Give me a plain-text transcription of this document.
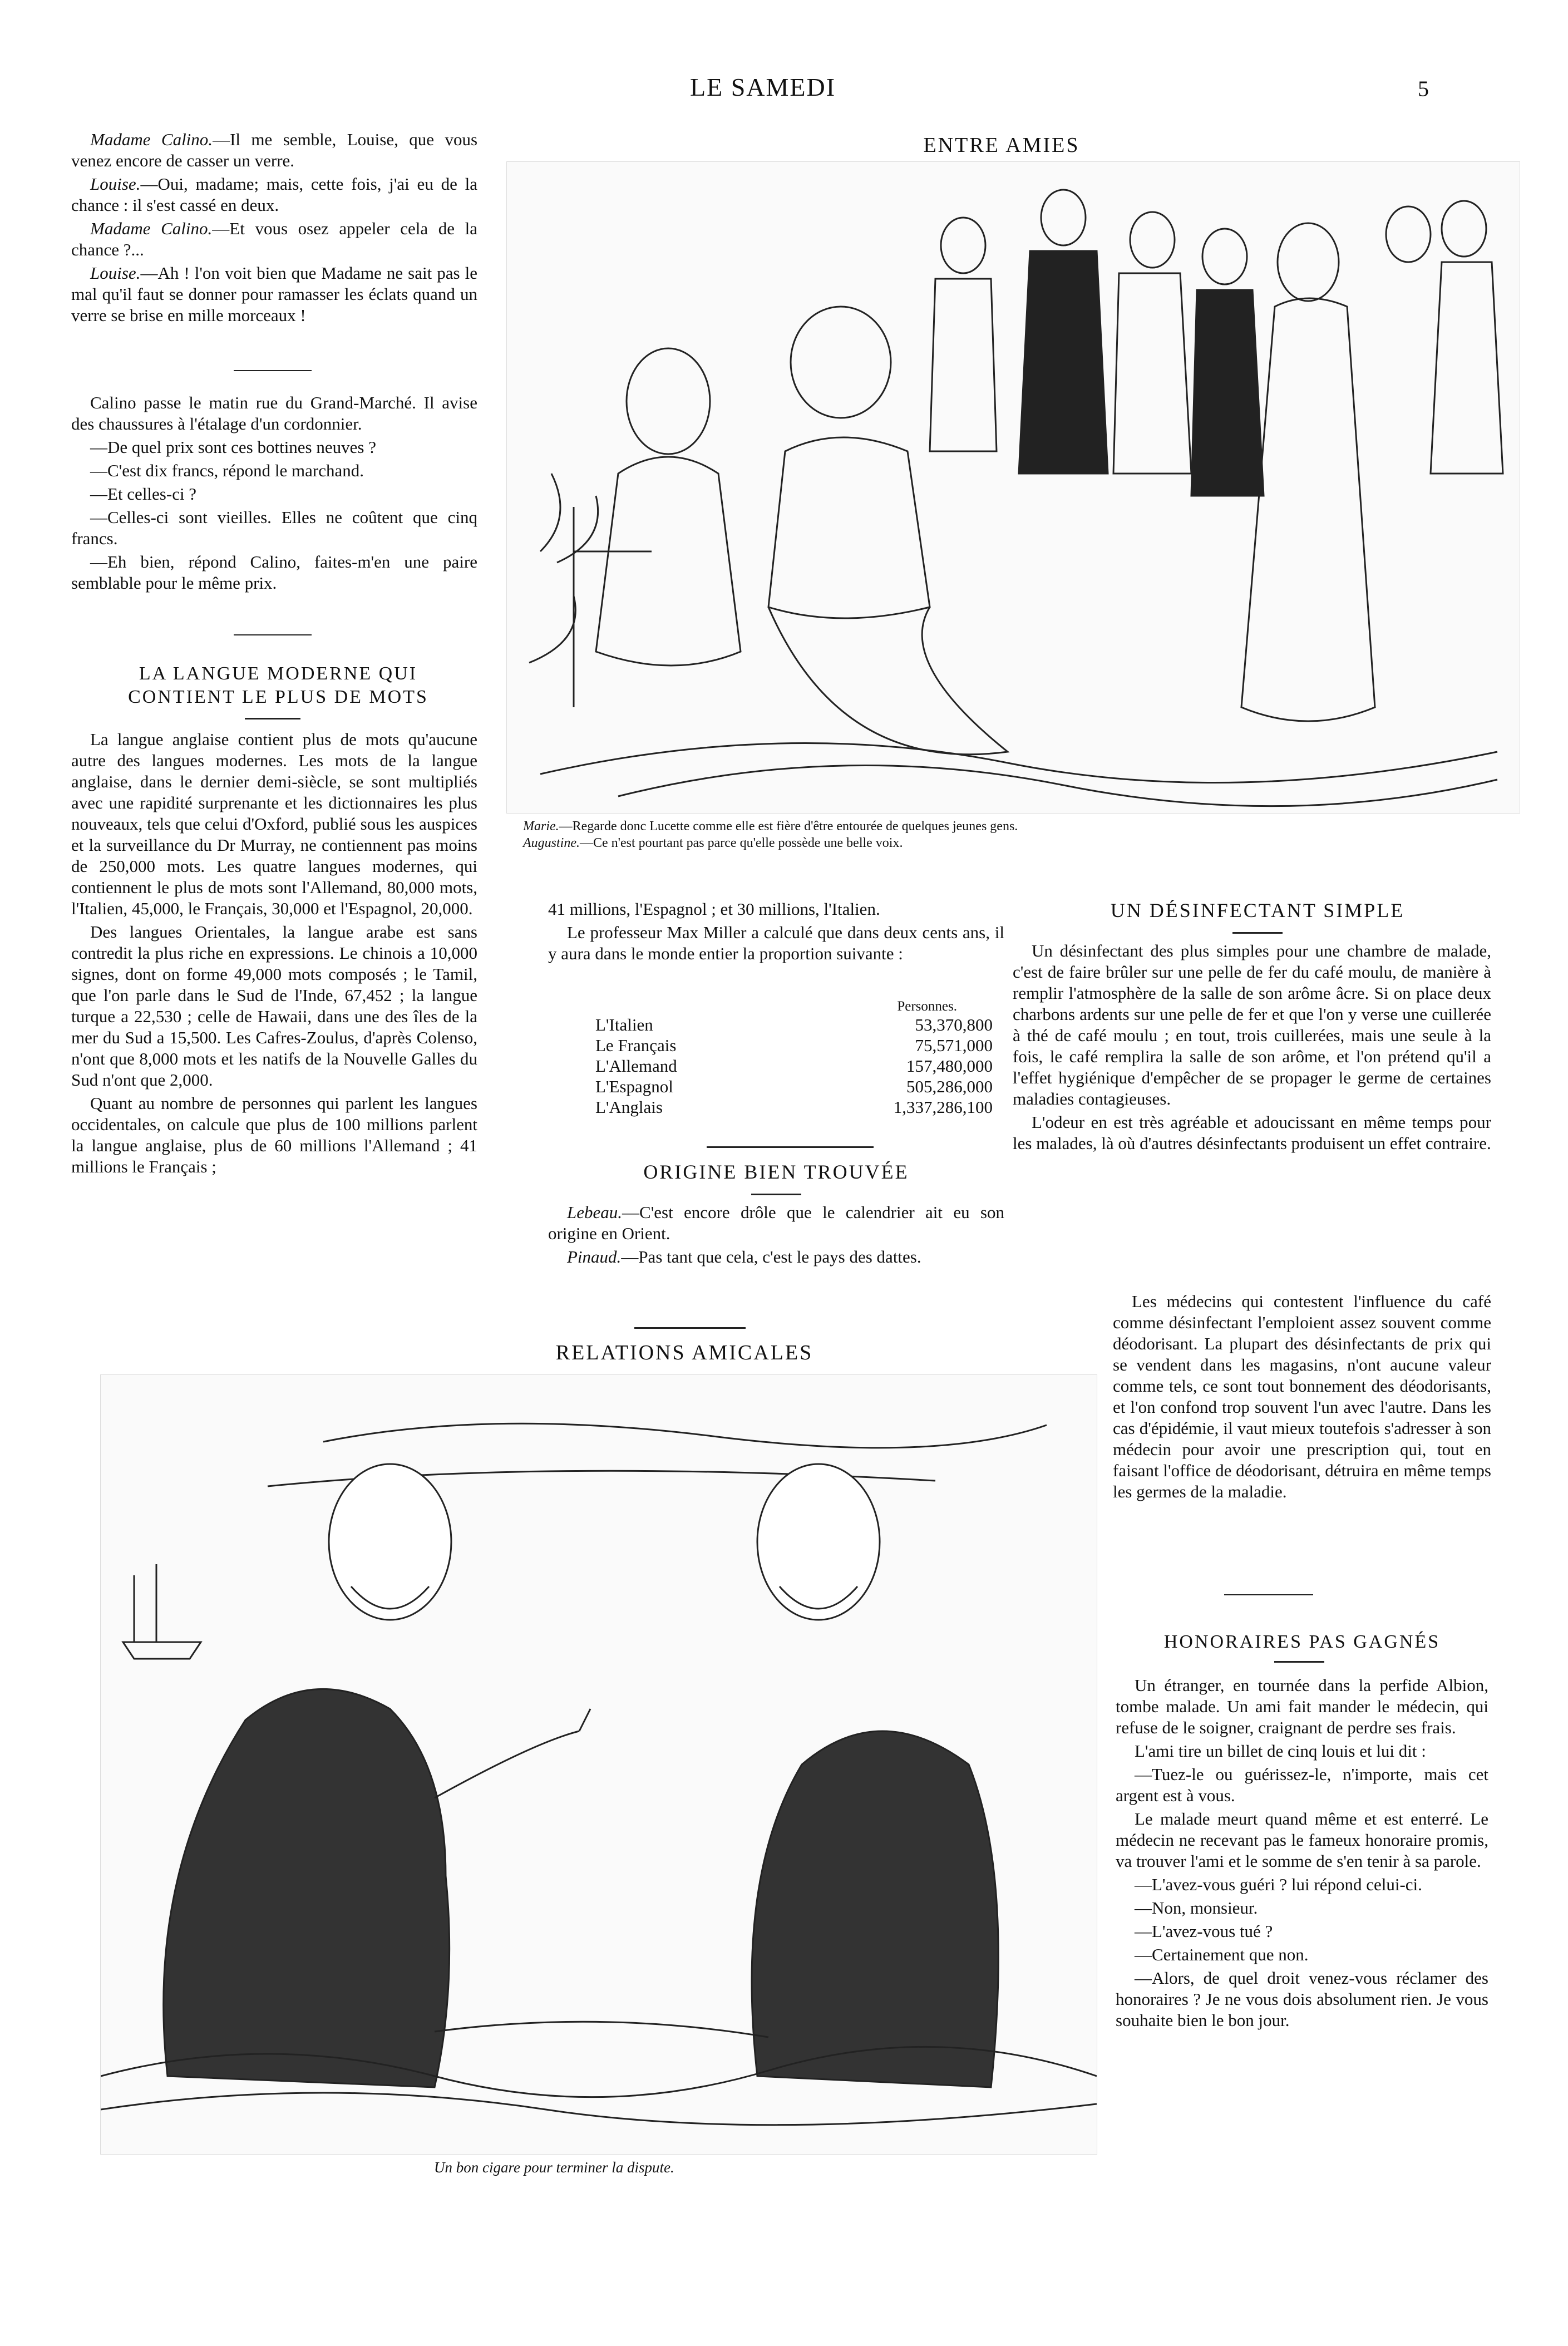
LE SAMEDI	5

Madame Calino.—Il me semble, Louise, que vous venez encore de casser un verre.

Louise.—Oui, madame; mais, cette fois, j'ai eu de la chance : il s'est cassé en deux.

Madame Calino.—Et vous osez appeler cela de la chance ?...

Louise.—Ah ! l'on voit bien que Madame ne sait pas le mal qu'il faut se donner pour ramasser les éclats quand un verre se brise en mille morceaux !

Calino passe le matin rue du Grand-Marché. Il avise des chaussures à l'étalage d'un cordonnier.

—De quel prix sont ces bottines neuves ?

—C'est dix francs, répond le marchand.

—Et celles-ci ?

—Celles-ci sont vieilles. Elles ne coûtent que cinq francs.

—Eh bien, répond Calino, faites-m'en une paire semblable pour le même prix.

LA LANGUE MODERNE QUI CONTIENT LE PLUS DE MOTS

La langue anglaise contient plus de mots qu'aucune autre des langues modernes. Les mots de la langue anglaise, dans le dernier demi-siècle, se sont multipliés avec une rapidité surprenante et les dictionnaires les plus nouveaux, tels que celui d'Oxford, publié sous les auspices et la surveillance du Dr Murray, ne contiennent pas moins de 250,000 mots. Les quatre langues modernes, qui contiennent le plus de mots sont l'Allemand, 80,000 mots, l'Italien, 45,000, le Français, 30,000 et l'Espagnol, 20,000.

Des langues Orientales, la langue arabe est sans contredit la plus riche en expressions. Le chinois a 10,000 signes, dont on forme 49,000 mots composés ; le Tamil, que l'on parle dans le Sud de l'Inde, 67,452 ; la langue turque a 22,530 ; celle de Hawaii, dans une des îles de la mer du Sud a 15,500. Les Cafres-Zoulus, d'après Colenso, n'ont que 8,000 mots et les natifs de la Nouvelle Galles du Sud n'ont que 2,000.

Quant au nombre de personnes qui parlent les langues occidentales, on calcule que plus de 100 millions parlent la langue anglaise, plus de 60 millions l'Allemand ; 41 millions le Français ;

ENTRE AMIES
Marie.—Regarde donc Lucette comme elle est fière d'être entourée de quelques jeunes gens.
Augustine.—Ce n'est pourtant pas parce qu'elle possède une belle voix.

41 millions, l'Espagnol ; et 30 millions, l'Italien.

Le professeur Max Miller a calculé que dans deux cents ans, il y aura dans le monde entier la proportion suivante :

Personnes.
L'Italien	53,370,800
Le Français	75,571,000
L'Allemand	157,480,000
L'Espagnol	505,286,000
L'Anglais	1,337,286,100
ORIGINE BIEN TROUVÉE

Lebeau.—C'est encore drôle que le calendrier ait eu son origine en Orient.

Pinaud.—Pas tant que cela, c'est le pays des dattes.

UN DÉSINFECTANT SIMPLE

Un désinfectant des plus simples pour une chambre de malade, c'est de faire brûler sur une pelle de fer du café moulu, de manière à remplir l'atmosphère de la salle de son arôme âcre. Si on place deux charbons ardents sur une pelle de fer et que l'on y verse une cuillerée à thé de café moulu ; en tout, trois cuillerées, mais une seule à la fois, le café remplira la salle de son arôme, et l'on prétend qu'il a l'effet hygiénique d'empêcher de se propager le germe de certaines maladies contagieuses.

L'odeur en est très agréable et adoucissant en même temps pour les malades, là où d'autres désinfectants produisent un effet contraire.

Les médecins qui contestent l'influence du café comme désinfectant l'emploient assez souvent comme déodorisant. La plupart des désinfectants de prix qui se vendent dans les magasins, n'ont aucune valeur comme tels, ce sont tout bonnement des déodorisants, et l'on confond trop souvent l'un avec l'autre. Dans les cas d'épidémie, il vaut mieux toutefois s'adresser à son médecin pour avoir une prescription qui, tout en faisant l'office de déodorisant, détruira en même temps les germes de la maladie.

RELATIONS AMICALES
Un bon cigare pour terminer la dispute.
HONORAIRES PAS GAGNÉS

Un étranger, en tournée dans la perfide Albion, tombe malade. Un ami fait mander le médecin, qui refuse de le soigner, craignant de perdre ses frais.

L'ami tire un billet de cinq louis et lui dit :

—Tuez-le ou guérissez-le, n'importe, mais cet argent est à vous.

Le malade meurt quand même et est enterré. Le médecin ne recevant pas le fameux honoraire promis, va trouver l'ami et le somme de s'en tenir à sa parole.

—L'avez-vous guéri ? lui répond celui-ci.

—Non, monsieur.

—L'avez-vous tué ?

—Certainement que non.

—Alors, de quel droit venez-vous réclamer des honoraires ? Je ne vous dois absolument rien. Je vous souhaite bien le bon jour.
